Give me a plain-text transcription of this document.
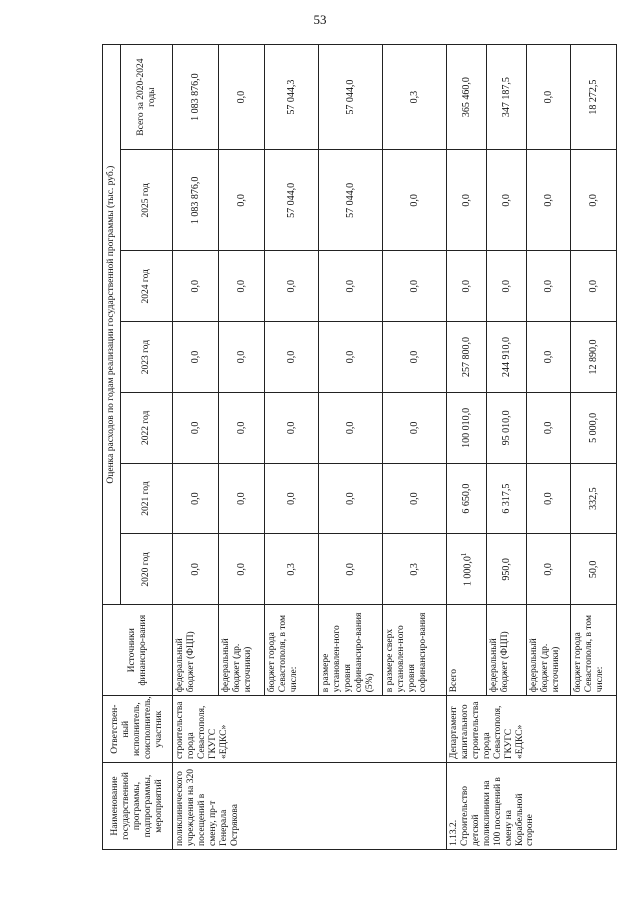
53
Наименование государственной программы, подпрограммы, мероприятий	Ответствен-ный исполнитель, соисполнитель, участник	Источники финансиро-вания	Оценка расходов по годам реализации государственной программы (тыс. руб.)						
			2020 год	2021 год	2022 год	2023 год	2024 год	2025 год	Всего за 2020-2024 годы
поликлинического учреждения на 320 посещений в смену, пр-т Генерала Острякова	строительства города Севастополя, ГКУГС «ЕДКС»	федеральный бюджет (ФЦП)	0,0	0,0	0,0	0,0	0,0	1 083 876,0	1 083 876,0
		федеральный бюджет (др. источники)	0,0	0,0	0,0	0,0	0,0	0,0	0,0
		бюджет города Севастополя, в том числе:	0,3	0,0	0,0	0,0	0,0	57 044,0	57 044,3
		в размере установлен-ного уровня софинансиро-вания (5%)	0,0	0,0	0,0	0,0	0,0	57 044,0	57 044,0
		в размере сверх установлен-ного уровня софинансиро-вания	0,3	0,0	0,0	0,0	0,0	0,0	0,3
1.13.2. Строительство детской поликлиники на 100 посещений в смену на Корабельной стороне	Департамент капитального строительства города Севастополя, ГКУГС «ЕДКС»	Всего	1 000,0$^1$	6 650,0	100 010,0	257 800,0	0,0	0,0	365 460,0
		федеральный бюджет (ФЦП)	950,0	6 317,5	95 010,0	244 910,0	0,0	0,0	347 187,5
		федеральный бюджет (др. источники)	0,0	0,0	0,0	0,0	0,0	0,0	0,0
		бюджет города Севастополя, в том числе:	50,0	332,5	5 000,0	12 890,0	0,0	0,0	18 272,5
